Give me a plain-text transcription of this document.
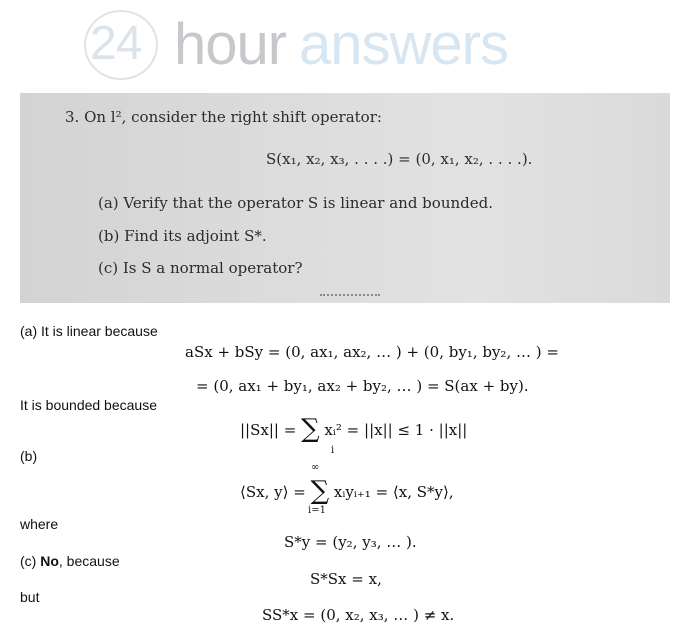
24 hour answers
3. On l², consider the right shift operator:
S(x₁, x₂, x₃, . . . .) = (0, x₁, x₂, . . . .).
(a) Verify that the operator S is linear and bounded.
(b) Find its adjoint S*.
(c) Is S a normal operator?
(a) It is linear because
aSx + bSy = (0, ax₁, ax₂, … ) + (0, by₁, by₂, … ) =
= (0, ax₁ + by₁, ax₂ + by₂, … ) = S(ax + by).
It is bounded because
||Sx|| = ∑ xᵢ² = ||x|| ≤ 1 · ||x||
i
(b)
∞
⟨Sx, y⟩ = ∑ xᵢyᵢ₊₁ = ⟨x, S*y⟩,
i=1
where
S*y = (y₂, y₃, … ).
(c) No, because
S*Sx = x,
but
SS*x = (0, x₂, x₃, … ) ≠ x.
